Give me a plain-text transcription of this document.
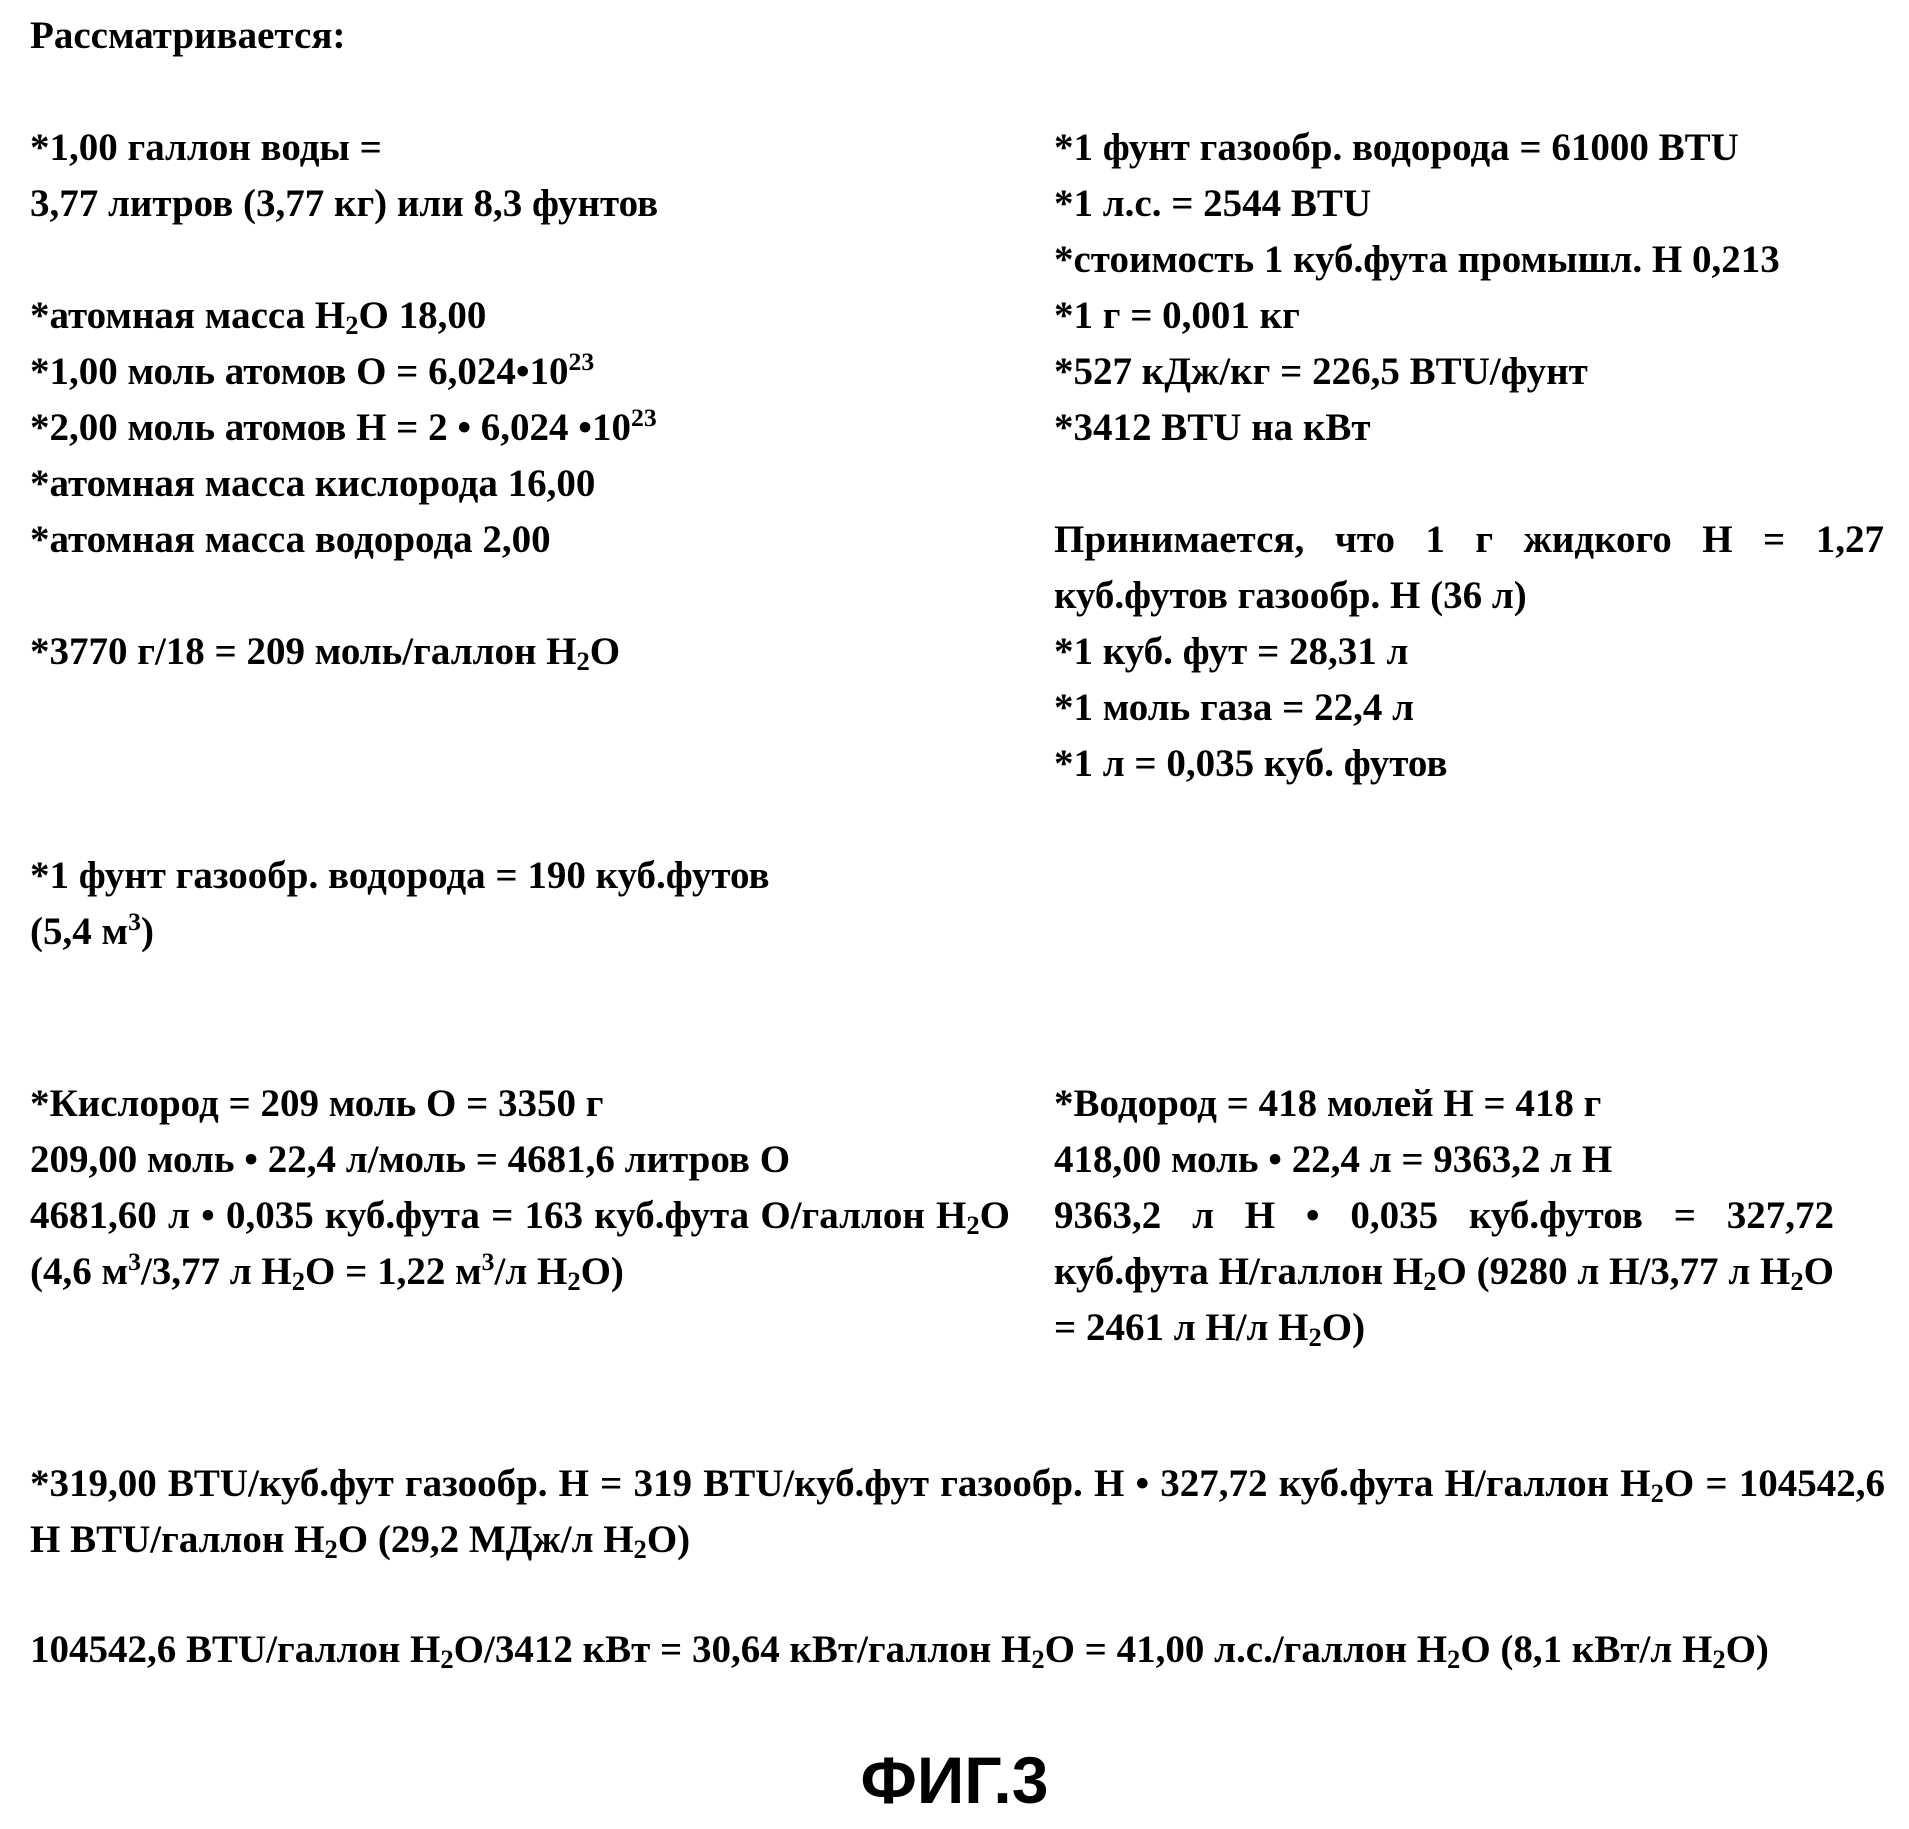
Рассматривается:
*1,00 галлон воды =
3,77 литров (3,77 кг) или 8,3 фунтов
*атомная масса $H_2O$ 18,00
*1,00 моль атомов $O = 6,024•10^{23}$
*2,00 моль атомов H = 2 • 6,024 $•10^{23}$
*атомная масса кислорода 16,00
*атомная масса водорода 2,00
*3770 г/18 = 209 моль/галлон $H_2O$
*1 фунт газообр. водорода = 190 куб.футов
(5,4 $м^3$)
*Кислород = 209 моль O = 3350 г
209,00 моль • 22,4 л/моль = 4681,6 литров O
4681,60 л • 0,035 куб.фута = 163 куб.фута O/галлон $H_2O$ (4,6 $м^3/3,77$ л $H_2O = 1,22$ $м^3/л$ $H_2O$)
*1 фунт газообр. водорода = 61000 BTU
*1 л.с. = 2544 BTU
*стоимость 1 куб.фута промышл. H 0,213
*1 г = 0,001 кг
*527 кДж/кг = 226,5 BTU/фунт
*3412 BTU на кВт
Принимается, что 1 г жидкого H = 1,27 куб.футов газообр. H (36 л)
*1 куб. фут = 28,31 л
*1 моль газа = 22,4 л
*1 л = 0,035 куб. футов
*Водород = 418 молей H = 418 г
418,00 моль • 22,4 л = 9363,2 л H
9363,2 л H • 0,035 куб.футов = 327,72 куб.фута H/галлон $H_2O$ (9280 л H/3,77 л $H_2O = 2461$ л H/л $H_2O$)
*319,00 BTU/куб.фут газообр. H = 319 BTU/куб.фут газообр. H • 327,72 куб.фута H/галлон $H_2O = 104542,6$ H BTU/галлон $H_2O$ (29,2 МДж/л $H_2O$)
104542,6 BTU/галлон $H_2O/3412$ кВт = 30,64 кВт/галлон $H_2O = 41,00$ л.с./галлон $H_2O$ (8,1 кВт/л $H_2O$)
ФИГ.3
